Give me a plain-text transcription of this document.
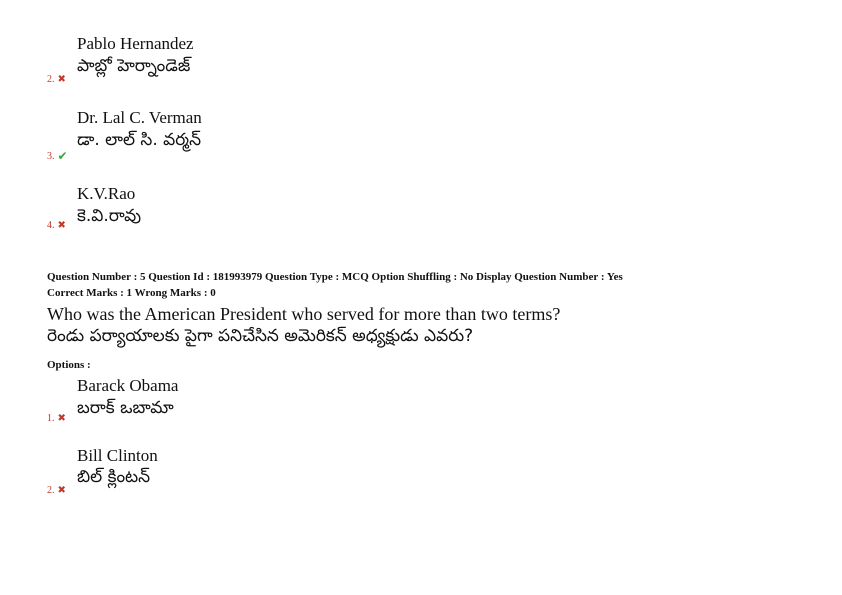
Pablo Hernandez
పాబ్లో హెర్నాండెజ్
2. ✖
Dr. Lal C. Verman
డా. లాల్ సి. వర్మన్
3. ✔
K.V.Rao
కె.వి.రావు
4. ✖
Question Number : 5 Question Id : 181993979 Question Type : MCQ Option Shuffling : No Display Question Number : Yes
Correct Marks : 1 Wrong Marks : 0
Who was the American President who served for more than two terms?
రెండు పర్యాయాలకు పైగా పనిచేసిన అమెరికన్ అధ్యక్షుడు ఎవరు?
Options :
Barack Obama
బరాక్ ఒబామా
1. ✖
Bill Clinton
బిల్ క్లింటన్
2. ✖
